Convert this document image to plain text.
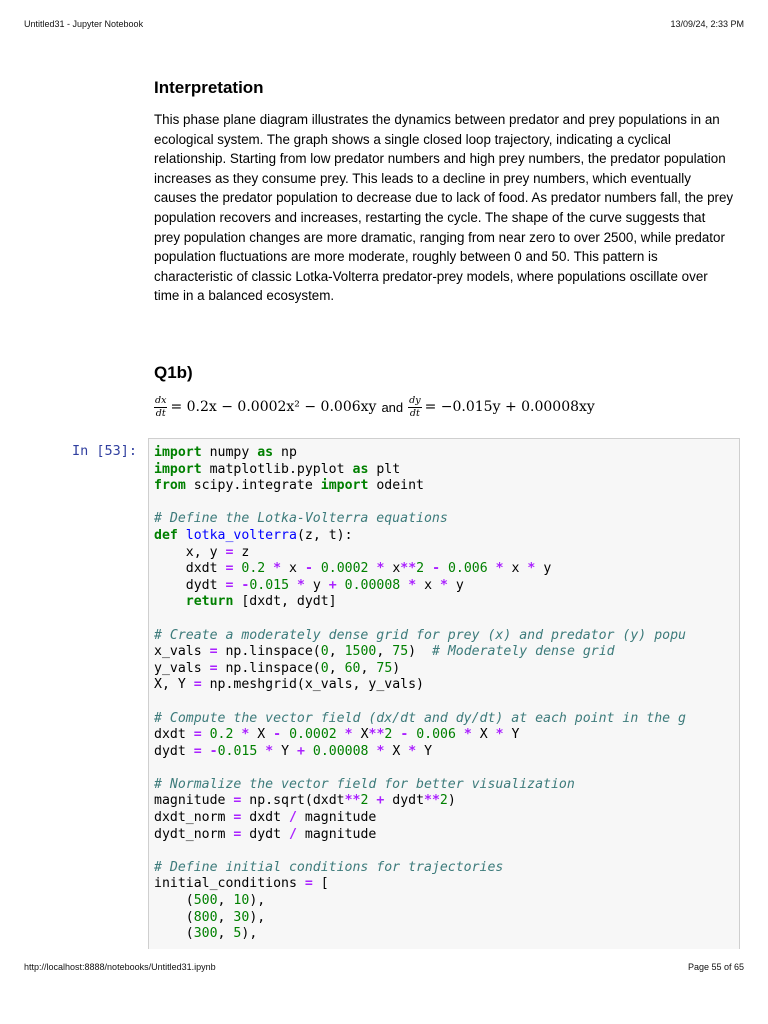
Untitled31 - Jupyter Notebook	13/09/24, 2:33 PM
Interpretation

This phase plane diagram illustrates the dynamics between predator and prey populations in an ecological system. The graph shows a single closed loop trajectory, indicating a cyclical relationship. Starting from low predator numbers and high prey numbers, the predator population increases as they consume prey. This leads to a decline in prey numbers, which eventually causes the predator population to decrease due to lack of food. As predator numbers fall, the prey population recovers and increases, restarting the cycle. The shape of the curve suggests that prey population changes are more dramatic, ranging from near zero to over 2500, while predator population fluctuations are more moderate, roughly between 0 and 50. This pattern is characteristic of classic Lotka-Volterra predator-prey models, where populations oscillate over time in a balanced ecosystem.

Q1b)
$\frac{dx}{dt} = 0.2x - 0.0002x^2 - 0.006xy$ and $\frac{dy}{dt} = -0.015y + 0.00008xy$
In [53]:	import numpy as np
import matplotlib.pyplot as plt
from scipy.integrate import odeint

# Define the Lotka-Volterra equations
def lotka_volterra(z, t):
x, y = z
dxdt = 0.2 * x - 0.0002 * x**2 - 0.006 * x * y
dydt = -0.015 * y + 0.00008 * x * y
return [dxdt, dydt]

# Create a moderately dense grid for prey (x) and predator (y) popu
x_vals = np.linspace(0, 1500, 75)  # Moderately dense grid
y_vals = np.linspace(0, 60, 75)
X, Y = np.meshgrid(x_vals, y_vals)

# Compute the vector field (dx/dt and dy/dt) at each point in the g
dxdt = 0.2 * X - 0.0002 * X**2 - 0.006 * X * Y
dydt = -0.015 * Y + 0.00008 * X * Y

# Normalize the vector field for better visualization
magnitude = np.sqrt(dxdt**2 + dydt**2)
dxdt_norm = dxdt / magnitude
dydt_norm = dydt / magnitude

# Define initial conditions for trajectories
initial_conditions = [
(500, 10),
(800, 30),
(300, 5),
http://localhost:8888/notebooks/Untitled31.ipynb	Page 55 of 65
